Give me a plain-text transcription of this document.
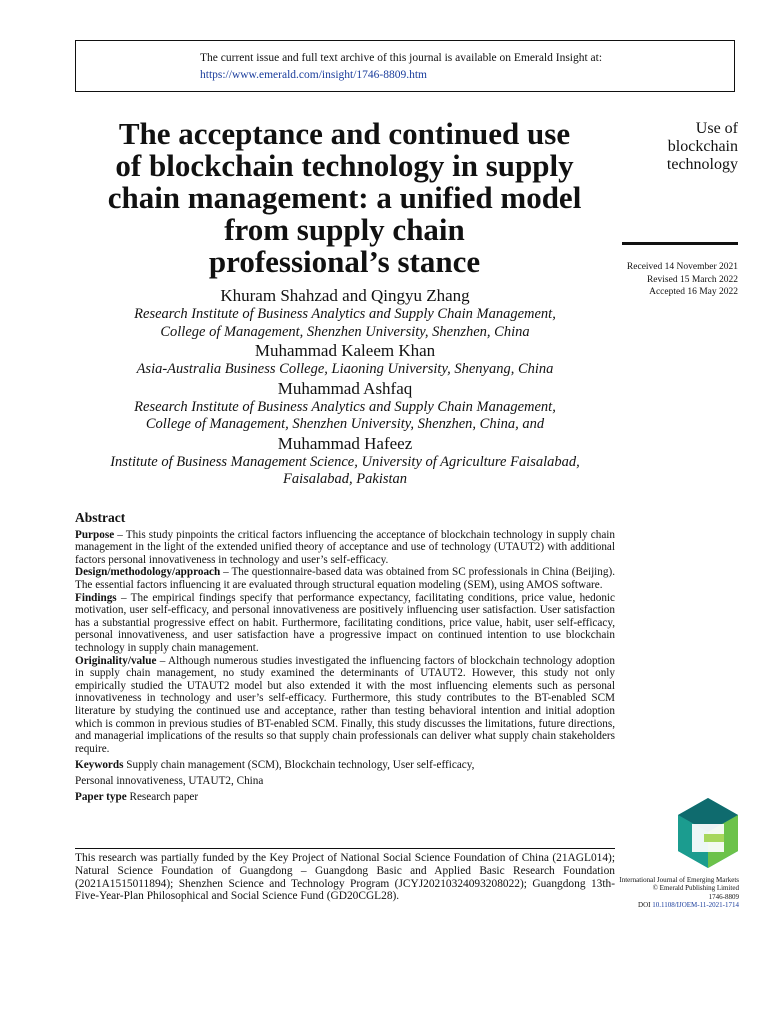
The current issue and full text archive of this journal is available on Emerald Insight at:
https://www.emerald.com/insight/1746-8809.htm
The acceptance and continued use
of blockchain technology in supply
chain management: a unified model
from supply chain
professional’s stance
Use of
blockchain
technology
Received 14 November 2021
Revised 15 March 2022
Accepted 16 May 2022
Khuram Shahzad and Qingyu Zhang
Research Institute of Business Analytics and Supply Chain Management,
College of Management, Shenzhen University, Shenzhen, China
Muhammad Kaleem Khan
Asia-Australia Business College, Liaoning University, Shenyang, China
Muhammad Ashfaq
Research Institute of Business Analytics and Supply Chain Management,
College of Management, Shenzhen University, Shenzhen, China, and
Muhammad Hafeez
Institute of Business Management Science, University of Agriculture Faisalabad,
Faisalabad, Pakistan
Abstract

Purpose – This study pinpoints the critical factors influencing the acceptance of blockchain technology in supply chain management in the light of the extended unified theory of acceptance and use of technology (UTAUT2) with additional factors personal innovativeness in technology and user’s self-efficacy.

Design/methodology/approach – The questionnaire-based data was obtained from SC professionals in China (Beijing). The essential factors influencing it are evaluated through structural equation modeling (SEM), using AMOS software.

Findings – The empirical findings specify that performance expectancy, facilitating conditions, price value, hedonic motivation, user self-efficacy, and personal innovativeness are positively influencing user satisfaction. User satisfaction has a substantial progressive effect on habit. Furthermore, facilitating conditions, price value, habit, user self-efficacy, personal innovativeness, and user satisfaction have a progressive impact on continued intention to use blockchain technology in supply chain management.

Originality/value – Although numerous studies investigated the influencing factors of blockchain technology adoption in supply chain management, no study examined the determinants of UTAUT2. However, this study not only empirically studied the UTAUT2 model but also extended it with the most influencing elements such as personal innovativeness in technology and user’s self-efficacy. Furthermore, this study contributes to the BT-enabled SCM literature by studying the continued use and acceptance, rather than testing behavioral intention and initial adoption which is common in previous studies of BT-enabled SCM. Finally, this study discusses the limitations, future directions, and managerial implications of the results so that supply chain professionals can deliver what supply chain stakeholders require.

Keywords Supply chain management (SCM), Blockchain technology, User self-efficacy,
Personal innovativeness, UTAUT2, China
Paper type Research paper
This research was partially funded by the Key Project of National Social Science Foundation of China (21AGL014); Natural Science Foundation of Guangdong – Guangdong Basic and Applied Basic Research Foundation (2021A1515011894); Shenzhen Science and Technology Program (JCYJ20210324093208022); Guangdong 13th-Five-Year-Plan Philosophical and Social Science Fund (GD20CGL28).
International Journal of Emerging Markets
© Emerald Publishing Limited
1746-8809
DOI 10.1108/IJOEM-11-2021-1714
